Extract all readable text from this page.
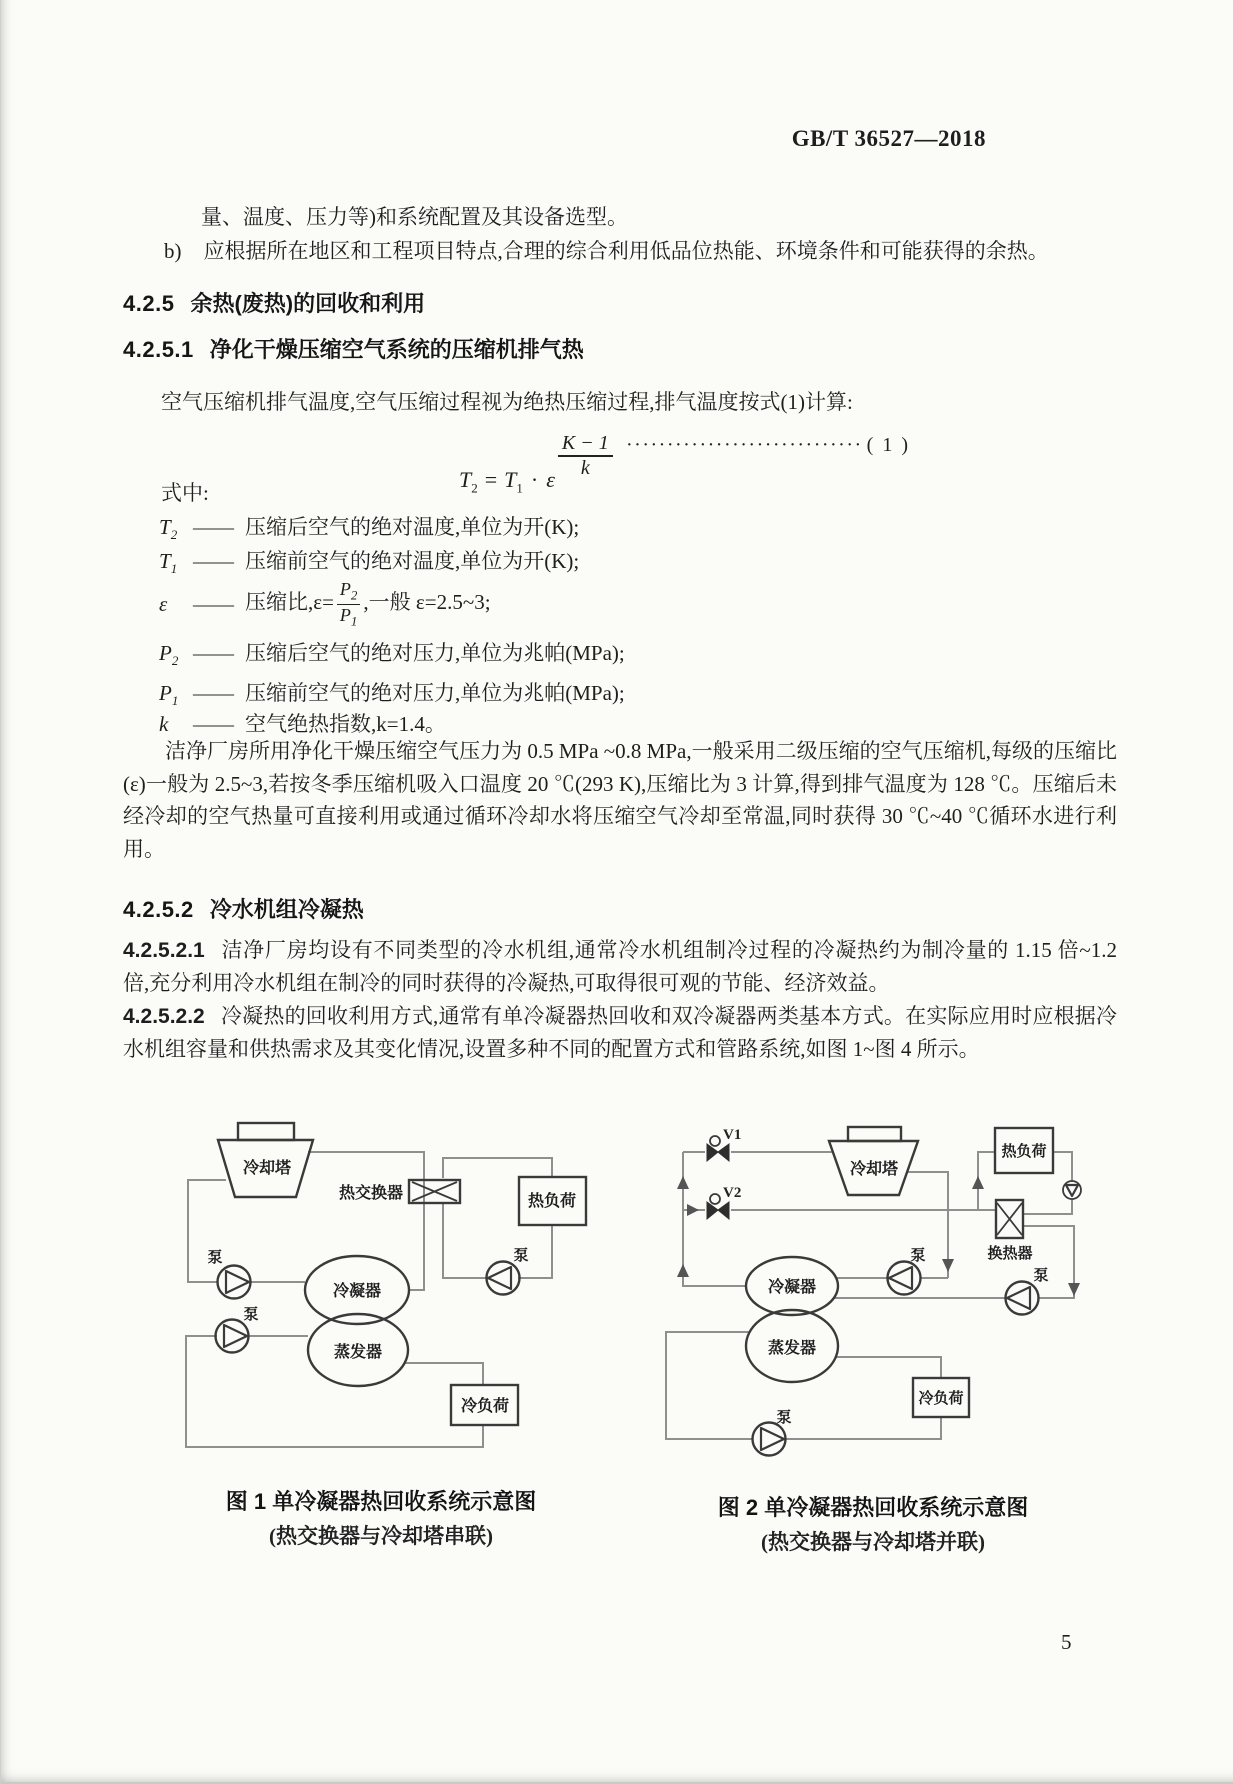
GB/T 36527—2018
量、温度、压力等)和系统配置及其设备选型。
b) 应根据所在地区和工程项目特点,合理的综合利用低品位热能、环境条件和可能获得的余热。
4.2.5 余热(废热)的回收和利用
4.2.5.1 净化干燥压缩空气系统的压缩机排气热
空气压缩机排气温度,空气压缩过程视为绝热压缩过程,排气温度按式(1)计算:
$T_2 = T_1 \cdot \varepsilon$
$\frac{K - 1}{k}$ ····························· ( 1 )
式中:
$T_2$ —— 压缩后空气的绝对温度,单位为开(K);
$T_1$ —— 压缩前空气的绝对温度,单位为开(K);
ε	—— 压缩比$,\varepsilon= \frac{P_2}{P_1}$ ,一般 ε=2.5~3;
$P_2$ —— 压缩后空气的绝对压力,单位为兆帕(MPa);
$P_1$ —— 压缩前空气的绝对压力,单位为兆帕(MPa);
k —— 空气绝热指数,k=1.4。
洁净厂房所用净化干燥压缩空气压力为 0.5 MPa ~0.8 MPa,一般采用二级压缩的空气压缩机,每级的压缩比(ε)一般为 2.5~3,若按冬季压缩机吸入口温度 20 ℃(293 K),压缩比为 3 计算,得到排气温度为 128 ℃。压缩后未经冷却的空气热量可直接利用或通过循环冷却水将压缩空气冷却至常温,同时获得 30 ℃~40 ℃循环水进行利用。
4.2.5.2 冷水机组冷凝热
4.2.5.2.1 洁净厂房均设有不同类型的冷水机组,通常冷水机组制冷过程的冷凝热约为制冷量的 1.15 倍~1.2 倍,充分利用冷水机组在制冷的同时获得的冷凝热,可取得很可观的节能、经济效益。
4.2.5.2.2 冷凝热的回收利用方式,通常有单冷凝器热回收和双冷凝器两类基本方式。在实际应用时应根据冷水机组容量和供热需求及其变化情况,设置多种不同的配置方式和管路系统,如图 1~图 4 所示。
冷却塔
热交换器	热负荷
泵
泵
泵
冷凝器
蒸发器
冷负荷
V1
V2
冷却塔
热负荷
换热器
泵
泵
泵
冷凝器
蒸发器
冷负荷
图 1 单冷凝器热回收系统示意图
(热交换器与冷却塔串联)
图 2 单冷凝器热回收系统示意图
(热交换器与冷却塔并联)
5
